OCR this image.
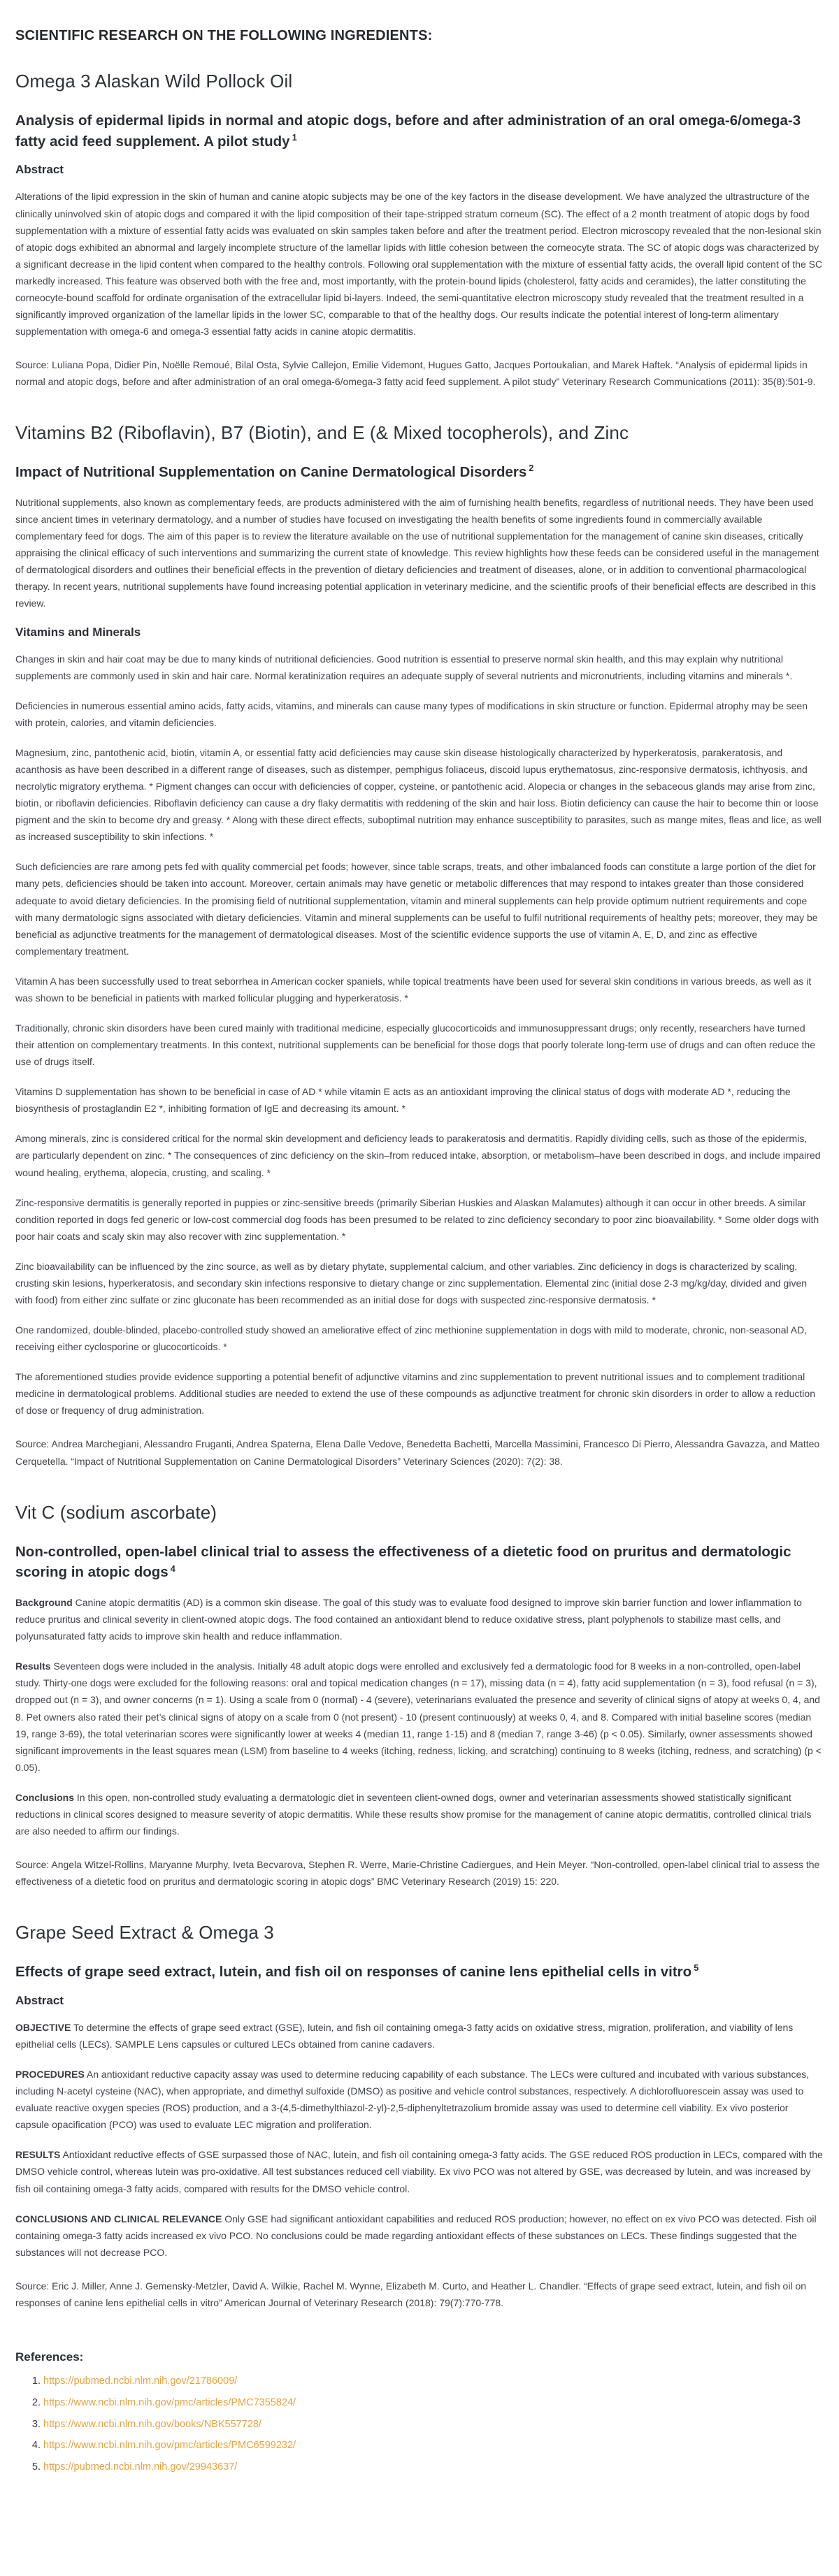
SCIENTIFIC RESEARCH ON THE FOLLOWING INGREDIENTS:
Omega 3 Alaskan Wild Pollock Oil
Analysis of epidermal lipids in normal and atopic dogs, before and after administration of an oral omega-6/omega-3 fatty acid feed supplement. A pilot study $^1$
Abstract

Alterations of the lipid expression in the skin of human and canine atopic subjects may be one of the key factors in the disease development. We have analyzed the ultrastructure of the clinically uninvolved skin of atopic dogs and compared it with the lipid composition of their tape-stripped stratum corneum (SC). The effect of a 2 month treatment of atopic dogs by food supplementation with a mixture of essential fatty acids was evaluated on skin samples taken before and after the treatment period. Electron microscopy revealed that the non-lesional skin of atopic dogs exhibited an abnormal and largely incomplete structure of the lamellar lipids with little cohesion between the corneocyte strata. The SC of atopic dogs was characterized by a significant decrease in the lipid content when compared to the healthy controls. Following oral supplementation with the mixture of essential fatty acids, the overall lipid content of the SC markedly increased. This feature was observed both with the free and, most importantly, with the protein-bound lipids (cholesterol, fatty acids and ceramides), the latter constituting the corneocyte-bound scaffold for ordinate organisation of the extracellular lipid bi-layers. Indeed, the semi-quantitative electron microscopy study revealed that the treatment resulted in a significantly improved organization of the lamellar lipids in the lower SC, comparable to that of the healthy dogs. Our results indicate the potential interest of long-term alimentary supplementation with omega-6 and omega-3 essential fatty acids in canine atopic dermatitis.

Source: Luliana Popa, Didier Pin, Noëlle Remoué, Bilal Osta, Sylvie Callejon, Emilie Videmont, Hugues Gatto, Jacques Portoukalian, and Marek Haftek. “Analysis of epidermal lipids in normal and atopic dogs, before and after administration of an oral omega-6/omega-3 fatty acid feed supplement. A pilot study” Veterinary Research Communications (2011): 35(8):501-9.

Vitamins B2 (Riboflavin), B7 (Biotin), and E (& Mixed tocopherols), and Zinc
Impact of Nutritional Supplementation on Canine Dermatological Disorders $^2$

Nutritional supplements, also known as complementary feeds, are products administered with the aim of furnishing health benefits, regardless of nutritional needs. They have been used since ancient times in veterinary dermatology, and a number of studies have focused on investigating the health benefits of some ingredients found in commercially available complementary feed for dogs. The aim of this paper is to review the literature available on the use of nutritional supplementation for the management of canine skin diseases, critically appraising the clinical efficacy of such interventions and summarizing the current state of knowledge. This review highlights how these feeds can be considered useful in the management of dermatological disorders and outlines their beneficial effects in the prevention of dietary deficiencies and treatment of diseases, alone, or in addition to conventional pharmacological therapy. In recent years, nutritional supplements have found increasing potential application in veterinary medicine, and the scientific proofs of their beneficial effects are described in this review.

Vitamins and Minerals

Changes in skin and hair coat may be due to many kinds of nutritional deficiencies. Good nutrition is essential to preserve normal skin health, and this may explain why nutritional supplements are commonly used in skin and hair care. Normal keratinization requires an adequate supply of several nutrients and micronutrients, including vitamins and minerals *.

Deficiencies in numerous essential amino acids, fatty acids, vitamins, and minerals can cause many types of modifications in skin structure or function. Epidermal atrophy may be seen with protein, calories, and vitamin deficiencies.

Magnesium, zinc, pantothenic acid, biotin, vitamin A, or essential fatty acid deficiencies may cause skin disease histologically characterized by hyperkeratosis, parakeratosis, and acanthosis as have been described in a different range of diseases, such as distemper, pemphigus foliaceus, discoid lupus erythematosus, zinc-responsive dermatosis, ichthyosis, and necrolytic migratory erythema. * Pigment changes can occur with deficiencies of copper, cysteine, or pantothenic acid. Alopecia or changes in the sebaceous glands may arise from zinc, biotin, or riboflavin deficiencies. Riboflavin deficiency can cause a dry flaky dermatitis with reddening of the skin and hair loss. Biotin deficiency can cause the hair to become thin or loose pigment and the skin to become dry and greasy. * Along with these direct effects, suboptimal nutrition may enhance susceptibility to parasites, such as mange mites, fleas and lice, as well as increased susceptibility to skin infections. *

Such deficiencies are rare among pets fed with quality commercial pet foods; however, since table scraps, treats, and other imbalanced foods can constitute a large portion of the diet for many pets, deficiencies should be taken into account. Moreover, certain animals may have genetic or metabolic differences that may respond to intakes greater than those considered adequate to avoid dietary deficiencies. In the promising field of nutritional supplementation, vitamin and mineral supplements can help provide optimum nutrient requirements and cope with many dermatologic signs associated with dietary deficiencies. Vitamin and mineral supplements can be useful to fulfil nutritional requirements of healthy pets; moreover, they may be beneficial as adjunctive treatments for the management of dermatological diseases. Most of the scientific evidence supports the use of vitamin A, E, D, and zinc as effective complementary treatment.

Vitamin A has been successfully used to treat seborrhea in American cocker spaniels, while topical treatments have been used for several skin conditions in various breeds, as well as it was shown to be beneficial in patients with marked follicular plugging and hyperkeratosis. *

Traditionally, chronic skin disorders have been cured mainly with traditional medicine, especially glucocorticoids and immunosuppressant drugs; only recently, researchers have turned their attention on complementary treatments. In this context, nutritional supplements can be beneficial for those dogs that poorly tolerate long-term use of drugs and can often reduce the use of drugs itself.

Vitamins D supplementation has shown to be beneficial in case of AD * while vitamin E acts as an antioxidant improving the clinical status of dogs with moderate AD *, reducing the biosynthesis of prostaglandin E2 *, inhibiting formation of IgE and decreasing its amount. *

Among minerals, zinc is considered critical for the normal skin development and deficiency leads to parakeratosis and dermatitis. Rapidly dividing cells, such as those of the epidermis, are particularly dependent on zinc. * The consequences of zinc deficiency on the skin–from reduced intake, absorption, or metabolism–have been described in dogs, and include impaired wound healing, erythema, alopecia, crusting, and scaling. *

Zinc-responsive dermatitis is generally reported in puppies or zinc-sensitive breeds (primarily Siberian Huskies and Alaskan Malamutes) although it can occur in other breeds. A similar condition reported in dogs fed generic or low-cost commercial dog foods has been presumed to be related to zinc deficiency secondary to poor zinc bioavailability. * Some older dogs with poor hair coats and scaly skin may also recover with zinc supplementation. *

Zinc bioavailability can be influenced by the zinc source, as well as by dietary phytate, supplemental calcium, and other variables. Zinc deficiency in dogs is characterized by scaling, crusting skin lesions, hyperkeratosis, and secondary skin infections responsive to dietary change or zinc supplementation. Elemental zinc (initial dose 2-3 mg/kg/day, divided and given with food) from either zinc sulfate or zinc gluconate has been recommended as an initial dose for dogs with suspected zinc-responsive dermatosis. *

One randomized, double-blinded, placebo-controlled study showed an ameliorative effect of zinc methionine supplementation in dogs with mild to moderate, chronic, non-seasonal AD, receiving either cyclosporine or glucocorticoids. *

The aforementioned studies provide evidence supporting a potential benefit of adjunctive vitamins and zinc supplementation to prevent nutritional issues and to complement traditional medicine in dermatological problems. Additional studies are needed to extend the use of these compounds as adjunctive treatment for chronic skin disorders in order to allow a reduction of dose or frequency of drug administration.

Source: Andrea Marchegiani, Alessandro Fruganti, Andrea Spaterna, Elena Dalle Vedove, Benedetta Bachetti, Marcella Massimini, Francesco Di Pierro, Alessandra Gavazza, and Matteo Cerquetella. “Impact of Nutritional Supplementation on Canine Dermatological Disorders” Veterinary Sciences (2020): 7(2): 38.

Vit C (sodium ascorbate)
Non-controlled, open-label clinical trial to assess the effectiveness of a dietetic food on pruritus and dermatologic scoring in atopic dogs $^4$

Background Canine atopic dermatitis (AD) is a common skin disease. The goal of this study was to evaluate food designed to improve skin barrier function and lower inflammation to reduce pruritus and clinical severity in client-owned atopic dogs. The food contained an antioxidant blend to reduce oxidative stress, plant polyphenols to stabilize mast cells, and polyunsaturated fatty acids to improve skin health and reduce inflammation.

Results Seventeen dogs were included in the analysis. Initially 48 adult atopic dogs were enrolled and exclusively fed a dermatologic food for 8 weeks in a non-controlled, open-label study. Thirty-one dogs were excluded for the following reasons: oral and topical medication changes (n = 17), missing data (n = 4), fatty acid supplementation (n = 3), food refusal (n = 3), dropped out (n = 3), and owner concerns (n = 1). Using a scale from 0 (normal) - 4 (severe), veterinarians evaluated the presence and severity of clinical signs of atopy at weeks 0, 4, and 8. Pet owners also rated their pet’s clinical signs of atopy on a scale from 0 (not present) - 10 (present continuously) at weeks 0, 4, and 8. Compared with initial baseline scores (median 19, range 3-69), the total veterinarian scores were significantly lower at weeks 4 (median 11, range 1-15) and 8 (median 7, range 3-46) (p < 0.05). Similarly, owner assessments showed significant improvements in the least squares mean (LSM) from baseline to 4 weeks (itching, redness, licking, and scratching) continuing to 8 weeks (itching, redness, and scratching) (p < 0.05).

Conclusions In this open, non-controlled study evaluating a dermatologic diet in seventeen client-owned dogs, owner and veterinarian assessments showed statistically significant reductions in clinical scores designed to measure severity of atopic dermatitis. While these results show promise for the management of canine atopic dermatitis, controlled clinical trials are also needed to affirm our findings.

Source: Angela Witzel-Rollins, Maryanne Murphy, Iveta Becvarova, Stephen R. Werre, Marie-Christine Cadiergues, and Hein Meyer. “Non-controlled, open-label clinical trial to assess the effectiveness of a dietetic food on pruritus and dermatologic scoring in atopic dogs” BMC Veterinary Research (2019) 15: 220.

Grape Seed Extract & Omega 3
Effects of grape seed extract, lutein, and fish oil on responses of canine lens epithelial cells in vitro $^5$
Abstract

OBJECTIVE To determine the effects of grape seed extract (GSE), lutein, and fish oil containing omega-3 fatty acids on oxidative stress, migration, proliferation, and viability of lens epithelial cells (LECs). SAMPLE Lens capsules or cultured LECs obtained from canine cadavers.

PROCEDURES An antioxidant reductive capacity assay was used to determine reducing capability of each substance. The LECs were cultured and incubated with various substances, including N-acetyl cysteine (NAC), when appropriate, and dimethyl sulfoxide (DMSO) as positive and vehicle control substances, respectively. A dichlorofluorescein assay was used to evaluate reactive oxygen species (ROS) production, and a 3-(4,5-dimethylthiazol-2-yl)-2,5-diphenyltetrazolium bromide assay was used to determine cell viability. Ex vivo posterior capsule opacification (PCO) was used to evaluate LEC migration and proliferation.

RESULTS Antioxidant reductive effects of GSE surpassed those of NAC, lutein, and fish oil containing omega-3 fatty acids. The GSE reduced ROS production in LECs, compared with the DMSO vehicle control, whereas lutein was pro-oxidative. All test substances reduced cell viability. Ex vivo PCO was not altered by GSE, was decreased by lutein, and was increased by fish oil containing omega-3 fatty acids, compared with results for the DMSO vehicle control.

CONCLUSIONS AND CLINICAL RELEVANCE Only GSE had significant antioxidant capabilities and reduced ROS production; however, no effect on ex vivo PCO was detected. Fish oil containing omega-3 fatty acids increased ex vivo PCO. No conclusions could be made regarding antioxidant effects of these substances on LECs. These findings suggested that the substances will not decrease PCO.

Source: Eric J. Miller, Anne J. Gemensky-Metzler, David A. Wilkie, Rachel M. Wynne, Elizabeth M. Curto, and Heather L. Chandler. “Effects of grape seed extract, lutein, and fish oil on responses of canine lens epithelial cells in vitro” American Journal of Veterinary Research (2018): 79(7):770-778.

References:
1. https://pubmed.ncbi.nlm.nih.gov/21786009/
2. https://www.ncbi.nlm.nih.gov/pmc/articles/PMC7355824/
3. https://www.ncbi.nlm.nih.gov/books/NBK557728/
4. https://www.ncbi.nlm.nih.gov/pmc/articles/PMC6599232/
5. https://pubmed.ncbi.nlm.nih.gov/29943637/
